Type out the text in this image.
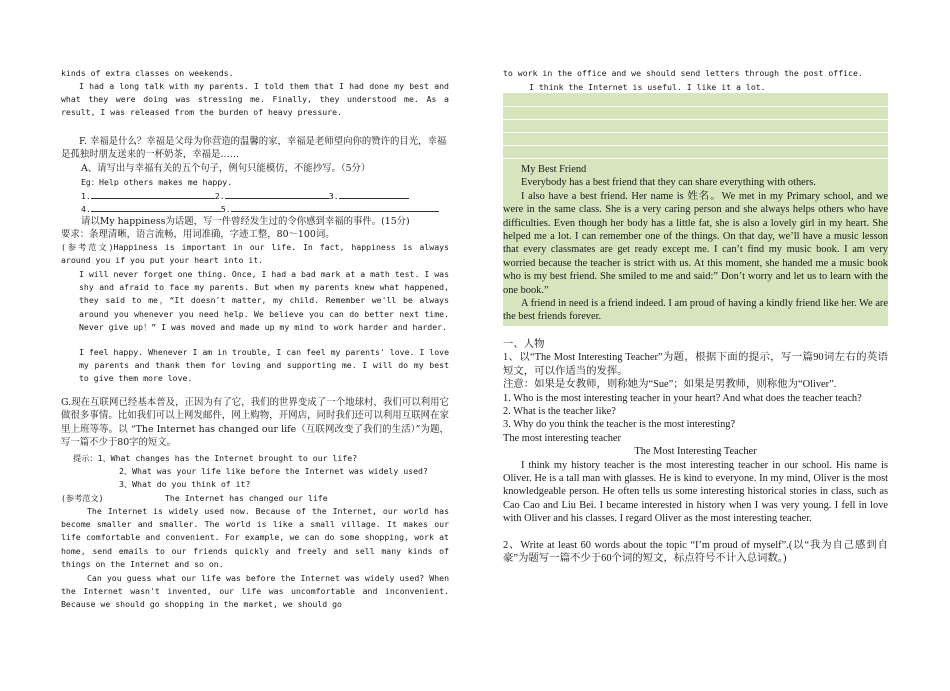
kinds of extra classes on weekends.

I had a long talk with my parents. I told them that I had done my best and what they were doing was stressing me. Finally, they understood me. As a result, I was released from the burden of heavy pressure.

F. 幸福是什么？幸福是父母为你营造的温馨的家，幸福是老师望向你的赞许的目光，幸福是孤独时朋友送来的一杯奶茶，幸福是……

A、请写出与幸福有关的五个句子，例句只能模仿，不能抄写。（5分）
Eg：Help others makes me happy.
1.	2.	3.
4.	5.
请以My happiness为话题，写一件曾经发生过的令你感到幸福的事件。(15分)
要求：条理清晰，语言流畅，用词准确，字迹工整，80～100词。

(参考范文)Happiness is important in our life. In fact, happiness is always around you if you put your heart into it.

I will never forget one thing. Once, I had a bad mark at a math test. I was shy and afraid to face my parents. But when my parents knew what happened, they said to me，“It doesn't matter, my child. Remember we'll be always around you whenever you need help. We believe you can do better next time. Never give up！” I was moved and made up my mind to work harder and harder.

I feel happy. Whenever I am in trouble, I can feel my parents' love. I love my parents and thank them for loving and supporting me. I will do my best to give them more love.

G.现在互联网已经基本普及，正因为有了它，我们的世界变成了一个地球村，我们可以利用它做很多事情。比如我们可以上网发邮件，网上购物，开网店，同时我们还可以利用互联网在家里上班等等。以 “The Internet has changed our life（互联网改变了我们的生活）”为题，写一篇不少于80字的短文。

提示：1、What changes has the Internet brought to our life?
2、What was your life like before the Internet was widely used?
3、What do you think of it?
(参考范文)	The Internet has changed our life

The Internet is widely used now. Because of the Internet, our world has become smaller and smaller. The world is like a small village. It makes our life comfortable and convenient. For example, we can do some shopping, work at home, send emails to our friends quickly and freely and sell many kinds of things on the Internet and so on.

Can you guess what our life was before the Internet was widely used? When the Internet wasn't invented, our life was uncomfortable and inconvenient. Because we should go shopping in the market, we should go

to work in the office and we should send letters through the post office.
I think the Internet is useful. I like it a lot.

My Best Friend

Everybody has a best friend that they can share everything with others.

I also have a best friend. Her name is 姓名。We met in my Primary school, and we were in the same class. She is a very caring person and she always helps others who have difficulties. Even though her body has a little fat, she is also a lovely girl in my heart. She helped me a lot. I can remember one of the things. On that day, we’ll have a music lesson that every classmates are get ready except me. I can’t find my music book. I am very worried because the teacher is strict with us. At this moment, she handed me a music book who is my best friend. She smiled to me and said:” Don’t worry and let us to learn with the one book.”

A friend in need is a friend indeed. I am proud of having a kindly friend like her. We are the best friends forever.

一、人物

1、以“The Most Interesting Teacher”为题，根据下面的提示，写一篇90词左右的英语短文，可以作适当的发挥。

注意：如果是女教师，则称她为“Sue”；如果是男教师，则称他为“Oliver”.

1. Who is the most interesting teacher in your heart? And what does the teacher teach?

2. What is the teacher like?

3. Why do you think the teacher is the most interesting?

The most interesting teacher

The Most Interesting Teacher

I think my history teacher is the most interesting teacher in our school. His name is Oliver. He is a tall man with glasses. He is kind to everyone. In my mind, Oliver is the most knowledgeable person. He often tells us some interesting historical stories in class, such as Cao Cao and Liu Bei. I became interested in history when I was very young. I fell in love with Oliver and his classes. I regard Oliver as the most interesting teacher.

2、Write at least 60 words about the topic “I’m proud of myself”.(以“我为自己感到自豪”为题写一篇不少于60个词的短文，标点符号不计入总词数。)
